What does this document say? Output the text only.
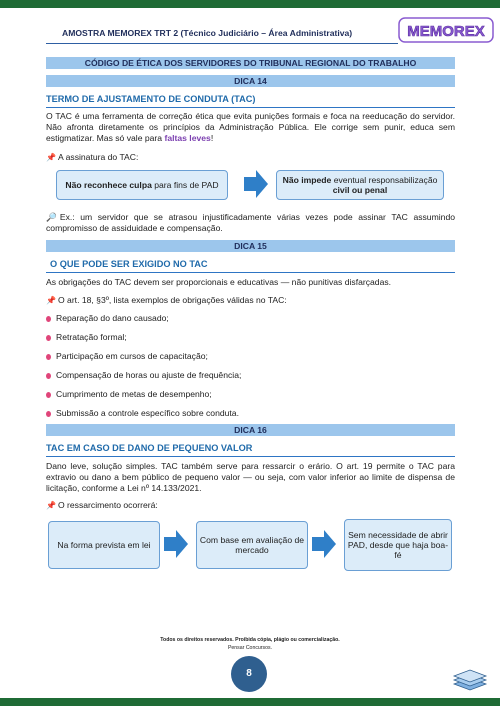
AMOSTRA MEMOREX TRT 2 (Técnico Judiciário – Área Administrativa)	MEMOREX
CÓDIGO DE ÉTICA DOS SERVIDORES DO TRIBUNAL REGIONAL DO TRABALHO
DICA 14
TERMO DE AJUSTAMENTO DE CONDUTA (TAC)
O TAC é uma ferramenta de correção ética que evita punições formais e foca na reeducação do servidor. Não afronta diretamente os princípios da Administração Pública. Ele corrige sem punir, educa sem estigmatizar. Mas só vale para faltas leves!
📌 A assinatura do TAC:
Não reconhece culpa para fins de PAD	Não impede eventual responsabilização civil ou penal
🔎Ex.: um servidor que se atrasou injustificadamente várias vezes pode assinar TAC assumindo compromisso de assiduidade e compensação.
DICA 15
O QUE PODE SER EXIGIDO NO TAC
As obrigações do TAC devem ser proporcionais e educativas — não punitivas disfarçadas.
📌 O art. 18, §3º, lista exemplos de obrigações válidas no TAC:
Reparação do dano causado;
Retratação formal;
Participação em cursos de capacitação;
Compensação de horas ou ajuste de frequência;
Cumprimento de metas de desempenho;
Submissão a controle específico sobre conduta.
DICA 16
TAC EM CASO DE DANO DE PEQUENO VALOR
Dano leve, solução simples. TAC também serve para ressarcir o erário. O art. 19 permite o TAC para extravio ou dano a bem público de pequeno valor — ou seja, com valor inferior ao limite de dispensa de licitação, conforme a Lei nº 14.133/2021.
📌 O ressarcimento ocorrerá:
Na forma prevista em lei	Com base em avaliação de mercado
Sem necessidade de abrir PAD, desde que haja boa-fé
Todos os direitos reservados. Proibida cópia, plágio ou comercialização.
Pensar Concursos.
8
